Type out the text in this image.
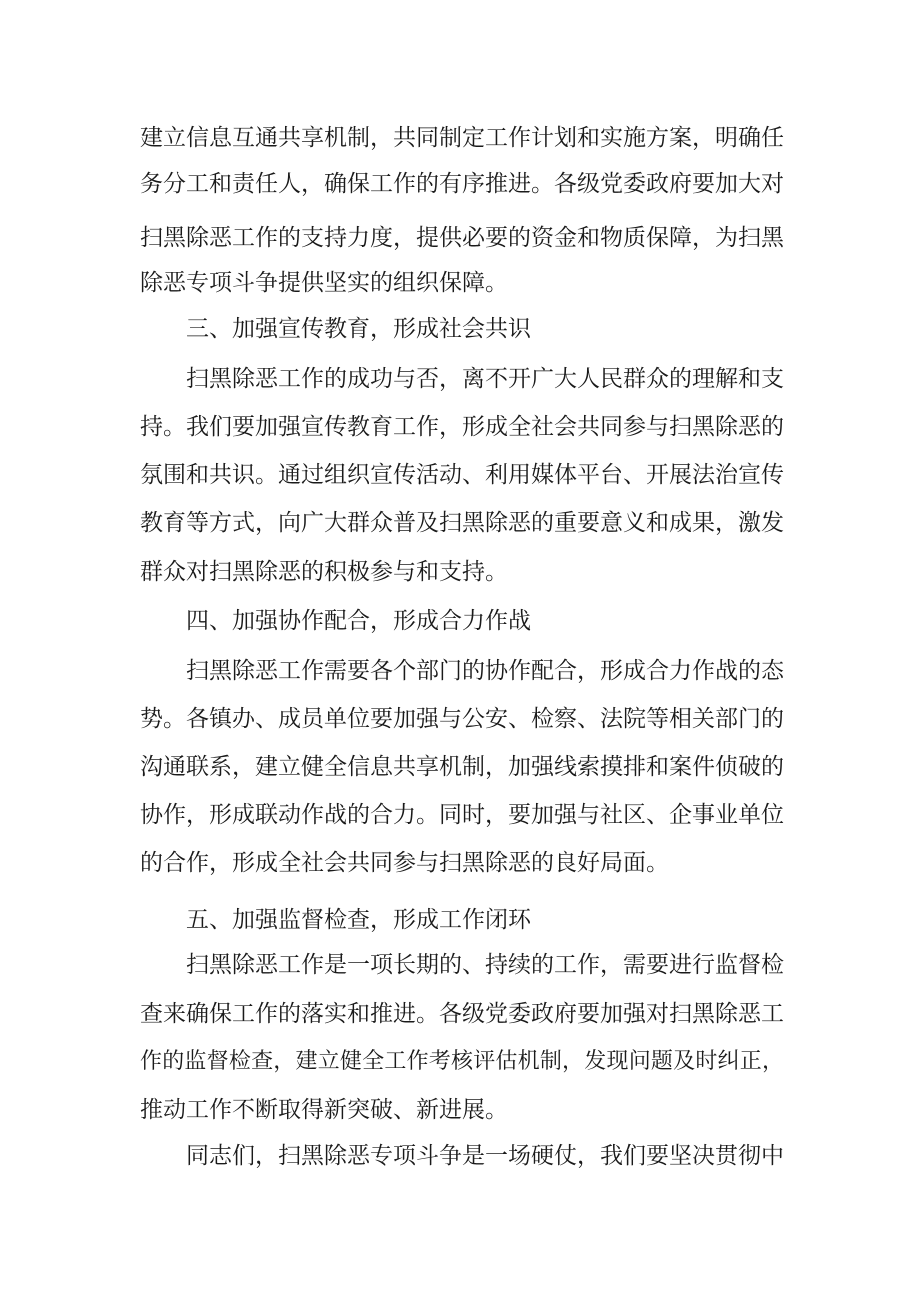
建立信息互通共享机制，共同制定工作计划和实施方案，明确任
务分工和责任人，确保工作的有序推进。各级党委政府要加大对
扫黑除恶工作的支持力度，提供必要的资金和物质保障，为扫黑
除恶专项斗争提供坚实的组织保障。
三、加强宣传教育，形成社会共识
扫黑除恶工作的成功与否，离不开广大人民群众的理解和支
持。我们要加强宣传教育工作，形成全社会共同参与扫黑除恶的
氛围和共识。通过组织宣传活动、利用媒体平台、开展法治宣传
教育等方式，向广大群众普及扫黑除恶的重要意义和成果，激发
群众对扫黑除恶的积极参与和支持。
四、加强协作配合，形成合力作战
扫黑除恶工作需要各个部门的协作配合，形成合力作战的态
势。各镇办、成员单位要加强与公安、检察、法院等相关部门的
沟通联系，建立健全信息共享机制，加强线索摸排和案件侦破的
协作，形成联动作战的合力。同时，要加强与社区、企事业单位
的合作，形成全社会共同参与扫黑除恶的良好局面。
五、加强监督检查，形成工作闭环
扫黑除恶工作是一项长期的、持续的工作，需要进行监督检
查来确保工作的落实和推进。各级党委政府要加强对扫黑除恶工
作的监督检查，建立健全工作考核评估机制，发现问题及时纠正，
推动工作不断取得新突破、新进展。
同志们，扫黑除恶专项斗争是一场硬仗，我们要坚决贯彻中
